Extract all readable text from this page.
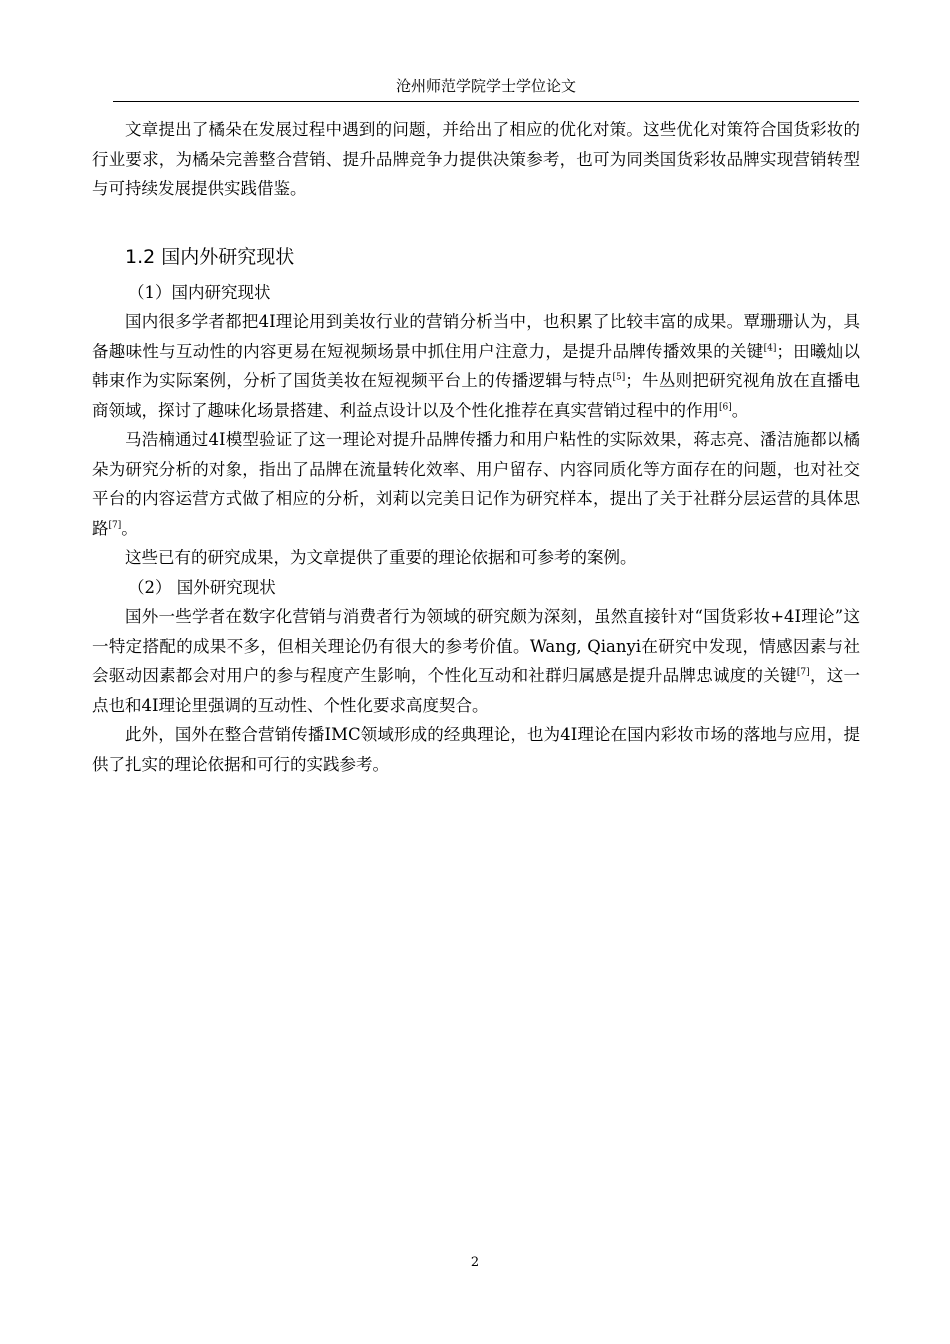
沧州师范学院学士学位论文

文章提出了橘朵在发展过程中遇到的问题，并给出了相应的优化对策。这些优化对策符合国货彩妆的行业要求，为橘朵完善整合营销、提升品牌竞争力提供决策参考，也可为同类国货彩妆品牌实现营销转型与可持续发展提供实践借鉴。

1.2 国内外研究现状
（1）国内研究现状

国内很多学者都把4I理论用到美妆行业的营销分析当中，也积累了比较丰富的成果。覃珊珊认为，具备趣味性与互动性的内容更易在短视频场景中抓住用户注意力，是提升品牌传播效果的关键[4]；田曦灿以韩束作为实际案例，分析了国货美妆在短视频平台上的传播逻辑与特点[5]；牛丛则把研究视角放在直播电商领域，探讨了趣味化场景搭建、利益点设计以及个性化推荐在真实营销过程中的作用[6]。

马浩楠通过4I模型验证了这一理论对提升品牌传播力和用户粘性的实际效果，蒋志亮、潘洁施都以橘朵为研究分析的对象，指出了品牌在流量转化效率、用户留存、内容同质化等方面存在的问题，也对社交平台的内容运营方式做了相应的分析，刘莉以完美日记作为研究样本，提出了关于社群分层运营的具体思路[7]。

这些已有的研究成果，为文章提供了重要的理论依据和可参考的案例。

（2） 国外研究现状

国外一些学者在数字化营销与消费者行为领域的研究颇为深刻，虽然直接针对“国货彩妆+4I理论”这一特定搭配的成果不多，但相关理论仍有很大的参考价值。Wang, Qianyi在研究中发现，情感因素与社会驱动因素都会对用户的参与程度产生影响，个性化互动和社群归属感是提升品牌忠诚度的关键[7]，这一点也和4I理论里强调的互动性、个性化要求高度契合。

此外，国外在整合营销传播IMC领域形成的经典理论，也为4I理论在国内彩妆市场的落地与应用，提供了扎实的理论依据和可行的实践参考。

2
